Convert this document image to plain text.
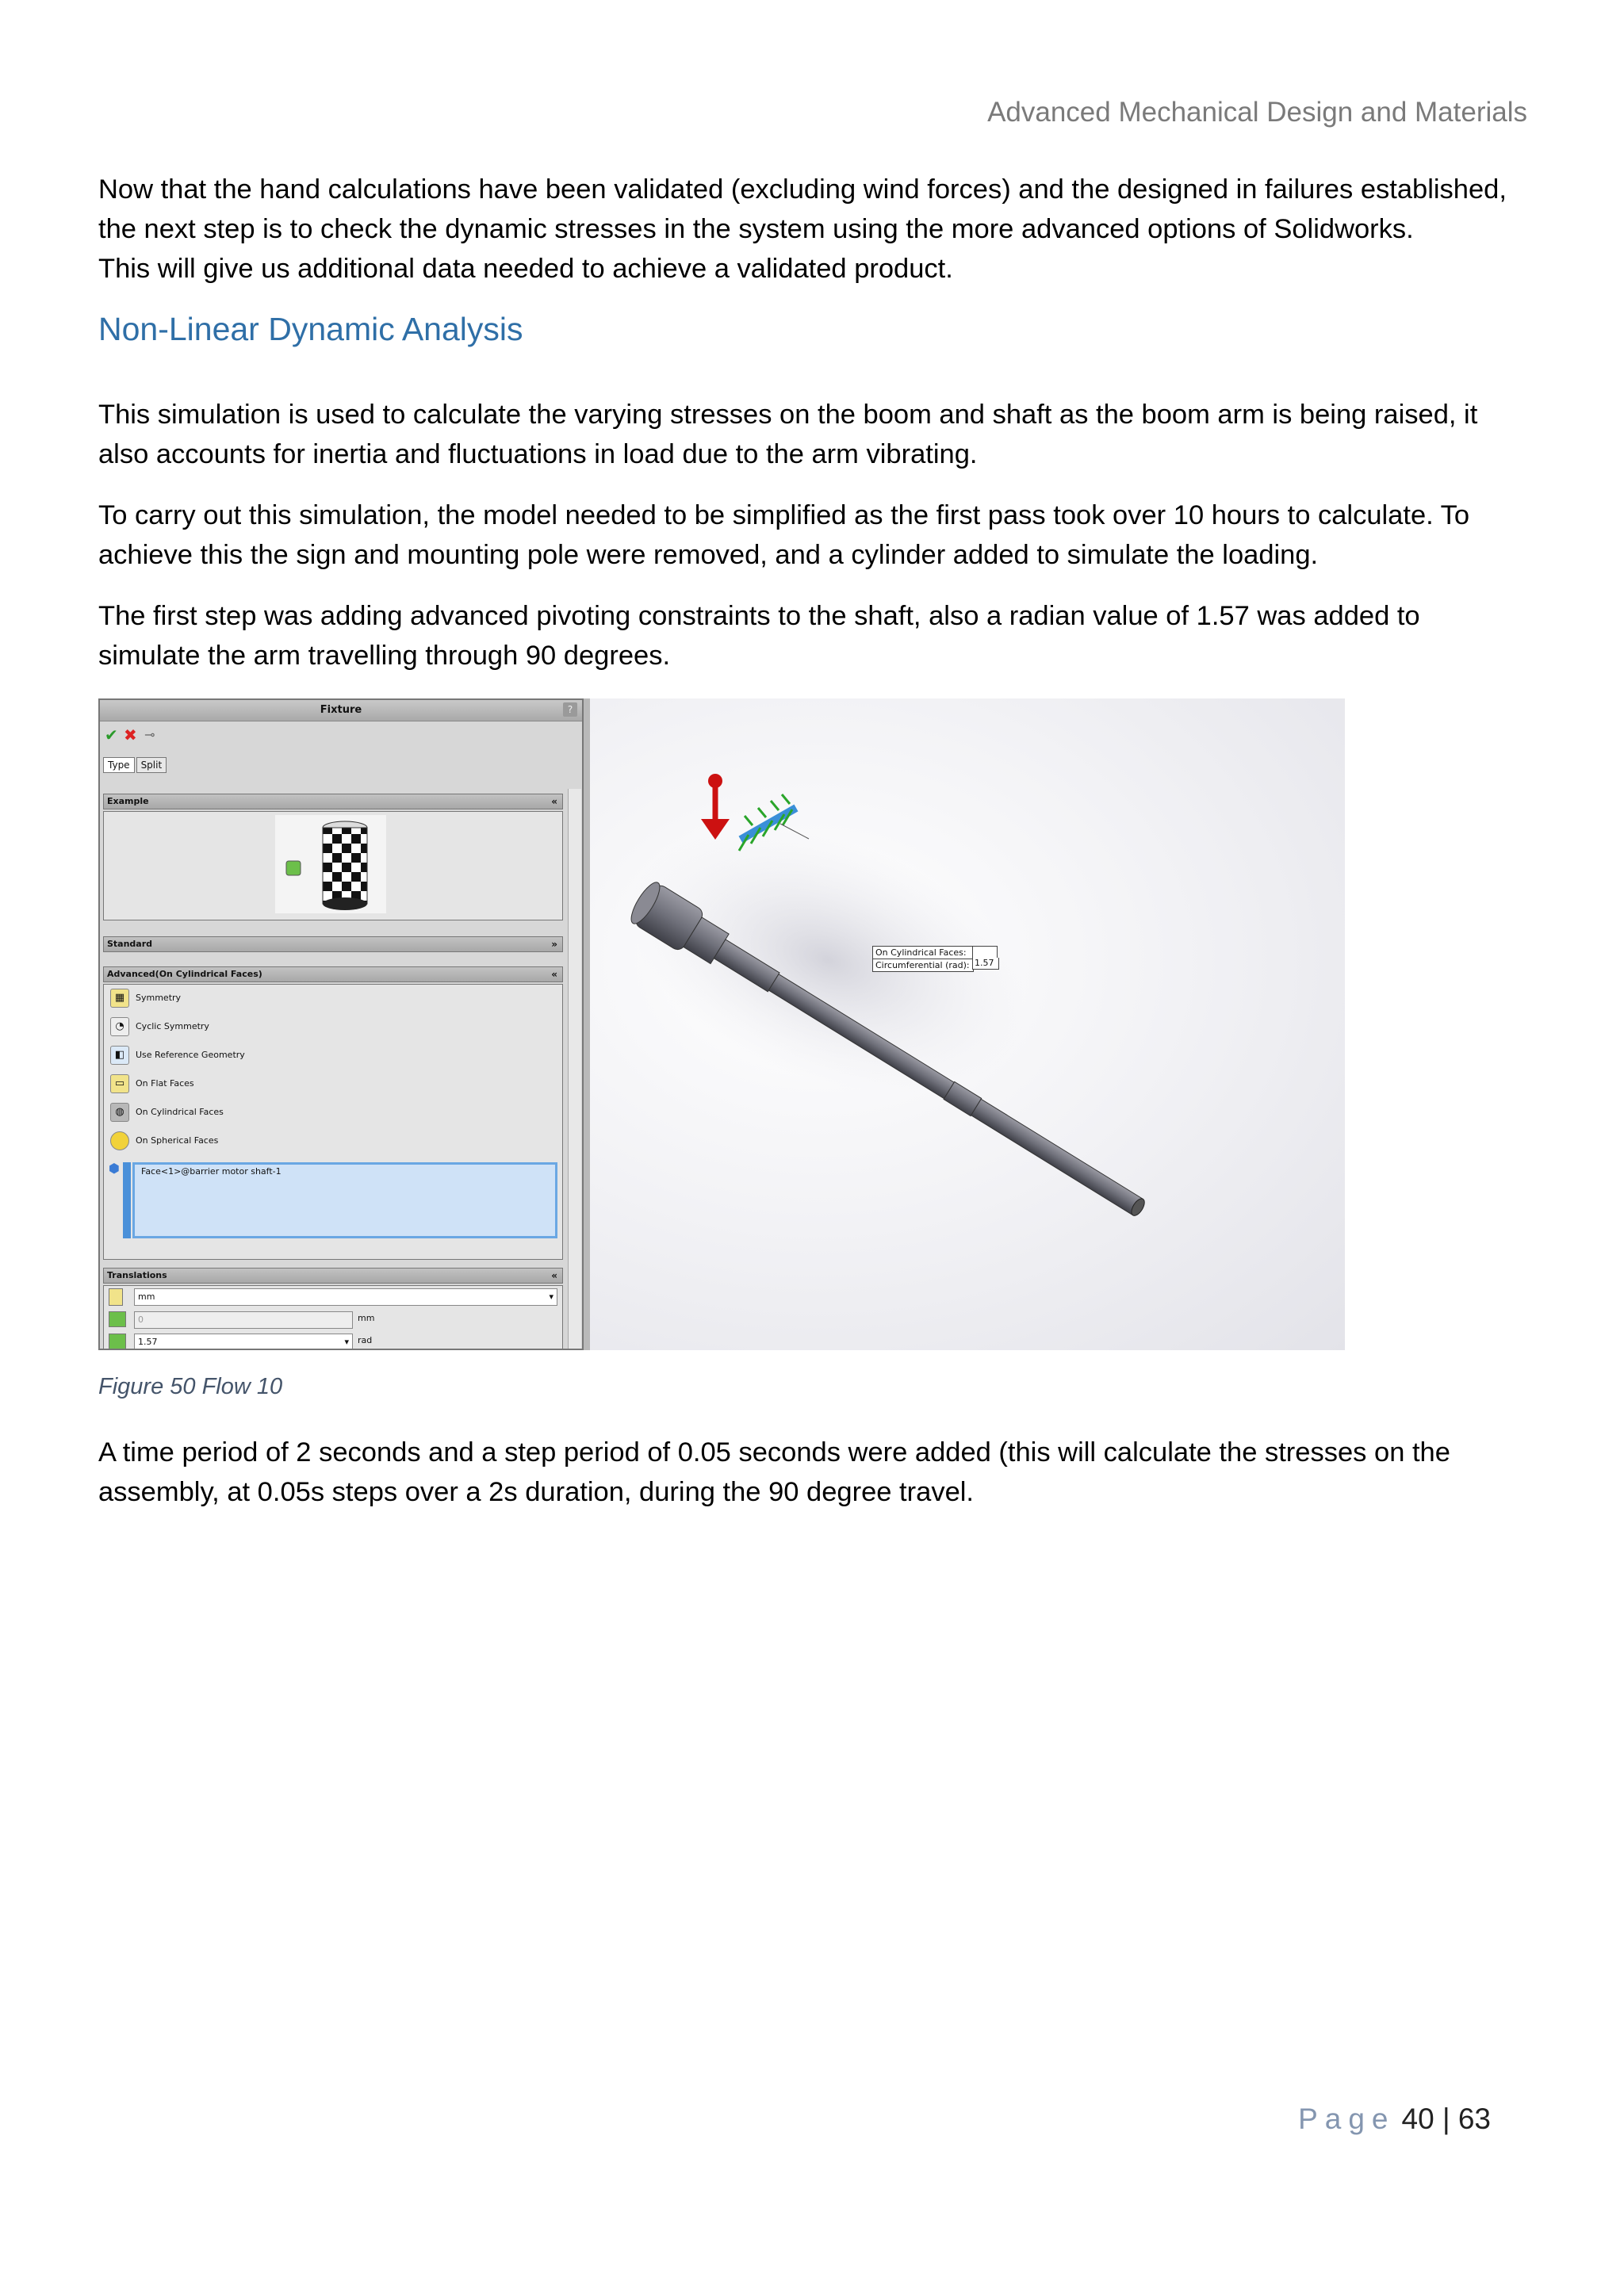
Advanced Mechanical Design and Materials
Now that the hand calculations have been validated (excluding wind forces) and the designed in failures established,
the next step is to check the dynamic stresses in the system using the more advanced options of Solidworks.
This will give us additional data needed to achieve a validated product.
Non-Linear Dynamic Analysis
This simulation is used to calculate the varying stresses on the boom and shaft as the boom arm is being raised, it
also accounts for inertia and fluctuations in load due to the arm vibrating.
To carry out this simulation, the model needed to be simplified as the first pass took over 10 hours to calculate. To
achieve this the sign and mounting pole were removed, and a cylinder added to simulate the loading.
The first step was adding advanced pivoting constraints to the shaft, also a radian value of 1.57 was added to
simulate the arm travelling through 90 degrees.
Fixture	?
✔ ✖ ⊸
Type Split
Example	«
Standard	»
Advanced(On Cylindrical Faces)	«
▦ Symmetry
◔ Cyclic Symmetry
◧ Use Reference Geometry
▭ On Flat Faces
◍ On Cylindrical Faces
On Spherical Faces
⬢	Face<1>@barrier motor shaft-1
Translations	«
mm	▾
0	mm
1.57	▾ rad
On Cylindrical Faces:
Circumferential (rad): 1.57
Figure 50 Flow 10
A time period of 2 seconds and a step period of 0.05 seconds were added (this will calculate the stresses on the
assembly, at 0.05s steps over a 2s duration, during the 90 degree travel.
Page 40 | 63
